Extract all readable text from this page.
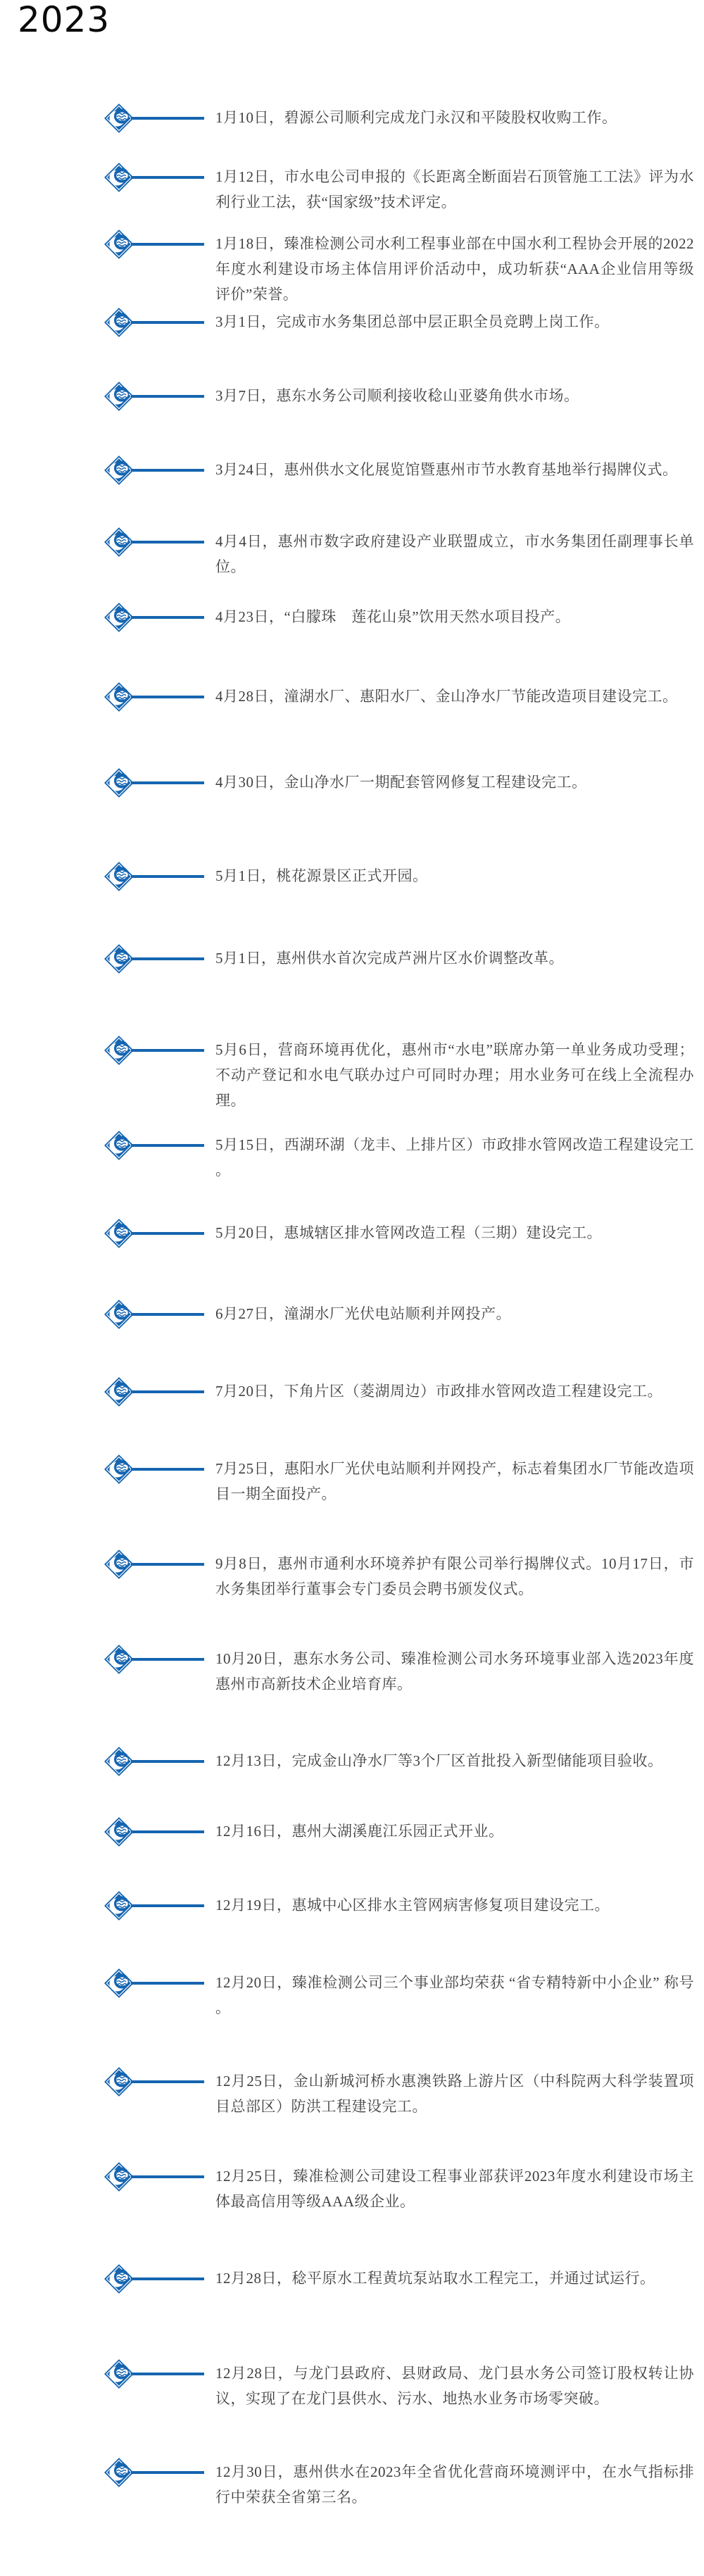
2023
1月10日，碧源公司顺利完成龙门永汉和平陵股权收购工作。
1月12日，市水电公司申报的《长距离全断面岩石顶管施工工法》评为水利行业工法，获“国家级”技术评定。
1月18日，臻准检测公司水利工程事业部在中国水利工程协会开展的2022年度水利建设市场主体信用评价活动中，成功斩获“AAA企业信用等级评价”荣誉。
3月1日，完成市水务集团总部中层正职全员竞聘上岗工作。
3月7日，惠东水务公司顺利接收稔山亚婆角供水市场。
3月24日，惠州供水文化展览馆暨惠州市节水教育基地举行揭牌仪式。
4月4日，惠州市数字政府建设产业联盟成立，市水务集团任副理事长单位。
4月23日，“白朦珠　莲花山泉”饮用天然水项目投产。
4月28日，潼湖水厂、惠阳水厂、金山净水厂节能改造项目建设完工。
4月30日，金山净水厂一期配套管网修复工程建设完工。
5月1日，桃花源景区正式开园。
5月1日，惠州供水首次完成芦洲片区水价调整改革。
5月6日，营商环境再优化，惠州市“水电”联席办第一单业务成功受理；不动产登记和水电气联办过户可同时办理；用水业务可在线上全流程办理。
5月15日，西湖环湖（龙丰、上排片区）市政排水管网改造工程建设完工。
5月20日，惠城辖区排水管网改造工程（三期）建设完工。
6月27日，潼湖水厂光伏电站顺利并网投产。
7月20日，下角片区（菱湖周边）市政排水管网改造工程建设完工。
7月25日，惠阳水厂光伏电站顺利并网投产，标志着集团水厂节能改造项目一期全面投产。
9月8日，惠州市通利水环境养护有限公司举行揭牌仪式。10月17日，市水务集团举行董事会专门委员会聘书颁发仪式。
10月20日，惠东水务公司、臻准检测公司水务环境事业部入选2023年度惠州市高新技术企业培育库。
12月13日，完成金山净水厂等3个厂区首批投入新型储能项目验收。
12月16日，惠州大湖溪鹿江乐园正式开业。
12月19日，惠城中心区排水主管网病害修复项目建设完工。
12月20日，臻准检测公司三个事业部均荣获 “省专精特新中小企业” 称号。
12月25日，金山新城河桥水惠澳铁路上游片区（中科院两大科学装置项目总部区）防洪工程建设完工。
12月25日，臻准检测公司建设工程事业部获评2023年度水利建设市场主体最高信用等级AAA级企业。
12月28日，稔平原水工程黄坑泵站取水工程完工，并通过试运行。
12月28日，与龙门县政府、县财政局、龙门县水务公司签订股权转让协议，实现了在龙门县供水、污水、地热水业务市场零突破。
12月30日，惠州供水在2023年全省优化营商环境测评中，在水气指标排行中荣获全省第三名。
